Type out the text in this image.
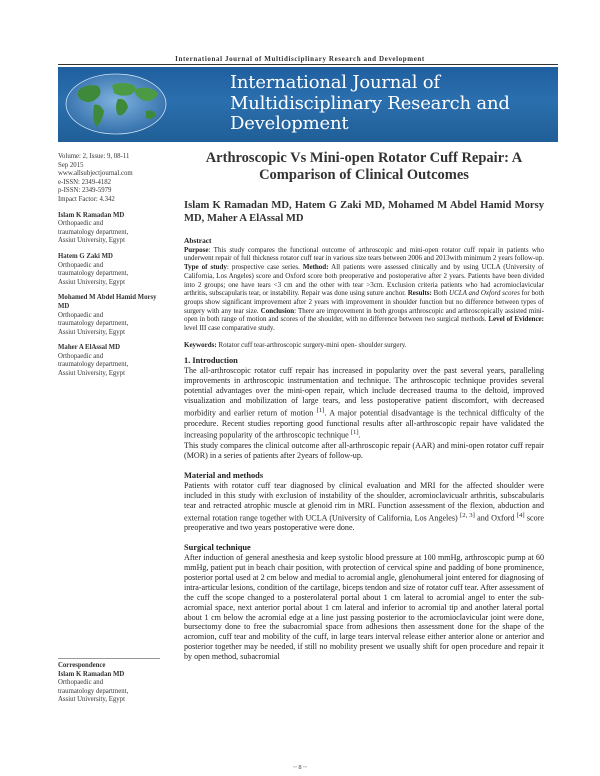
International Journal of Multidisciplinary Research and Development
International Journal of
Multidisciplinary Research and
Development
Volume: 2, Issue: 9, 08-11
Sep 2015
www.allsubjectjournal.com
e-ISSN: 2349-4182
p-ISSN: 2349-5979
Impact Factor: 4.342
Islam K Ramadan MD
Orthopaedic and
traumatology department,
Assiut University, Egypt
Hatem G Zaki MD
Orthopaedic and
traumatology department,
Assiut University, Egypt
Mohamed M Abdel Hamid Morsy MD
Orthopaedic and
traumatology department,
Assiut University, Egypt
Maher A ElAssal MD
Orthopaedic and
traumatology department,
Assiut University, Egypt
Correspondence
Islam K Ramadan MD
Orthopaedic and
traumatology department,
Assiut University, Egypt
Arthroscopic Vs Mini-open Rotator Cuff Repair: A Comparison of Clinical Outcomes
Islam K Ramadan MD, Hatem G Zaki MD, Mohamed M Abdel Hamid Morsy MD, Maher A ElAssal MD
Abstract
Purpose: This study compares the functional outcome of arthroscopic and mini-open rotator cuff repair in patients who underwent repair of full thickness rotator cuff tear in various size tears between 2006 and 2013with minimum 2 years follow-up. Type of study: prospective case series. Method: All patients were assessed clinically and by using UCLA (University of California, Los Angeles) score and Oxford score both preoperative and postoperative after 2 years. Patients have been divided into 2 groups; one have tears <3 cm and the other with tear >3cm. Exclusion criteria patients who had acromioclavicular arthritis, subscapularis tear, or instability. Repair was done using suture anchor. Results: Both UCLA and Oxford scores for both groups show significant improvement after 2 years with improvement in shoulder function but no difference between types of surgery with any tear size. Conclusion: There are improvement in both groups arthroscopic and arthroscopically assisted mini-open in both range of motion and scores of the shoulder, with no difference between two surgical methods. Level of Evidence: level III case comparative study.
Keywords: Rotator cuff tear-arthroscopic surgery-mini open- shoulder surgery.
1. Introduction

The all-arthroscopic rotator cuff repair has increased in popularity over the past several years, paralleling improvements in arthroscopic instrumentation and technique. The arthroscopic technique provides several potential advantages over the mini-open repair, which include decreased trauma to the deltoid, improved visualization and mobilization of large tears, and less postoperative patient discomfort, with decreased morbidity and earlier return of motion [1]. A major potential disadvantage is the technical difficulty of the procedure. Recent studies reporting good functional results after all-arthroscopic repair have validated the increasing popularity of the arthroscopic technique [1].

This study compares the clinical outcome after all-arthroscopic repair (AAR) and mini-open rotator cuff repair (MOR) in a series of patients after 2years of follow-up.

Material and methods

Patients with rotator cuff tear diagnosed by clinical evaluation and MRI for the affected shoulder were included in this study with exclusion of instability of the shoulder, acromioclavicualr arthritis, subscabularis tear and retracted atrophic muscle at glenoid rim in MRI. Function assessment of the flexion, abduction and external rotation range together with UCLA (University of California, Los Angeles) [2, 3] and Oxford [4] score preoperative and two years postoperative were done.

Surgical technique

After induction of general anesthesia and keep systolic blood pressure at 100 mmHg, arthroscopic pump at 60 mmHg, patient put in beach chair position, with protection of cervical spine and padding of bone prominence, posterior portal used at 2 cm below and medial to acromial angle, glenohumeral joint entered for diagnosing of intra-articular lesions, condition of the cartilage, biceps tendon and size of rotator cuff tear. After assessment of the cuff the scope changed to a posterolateral portal about 1 cm lateral to acromial angel to enter the sub-acromial space, next anterior portal about 1 cm lateral and inferior to acromial tip and another lateral portal about 1 cm below the acromial edge at a line just passing posterior to the acromioclavicular joint were done, bursectomy done to free the subacromial space from adhesions then assessment done for the shape of the acromion, cuff tear and mobility of the cuff, in large tears interval release either anterior alone or anterior and posterior together may be needed, if still no mobility present we usually shift for open procedure and repair it by open method, subacromial

~ 8 ~
